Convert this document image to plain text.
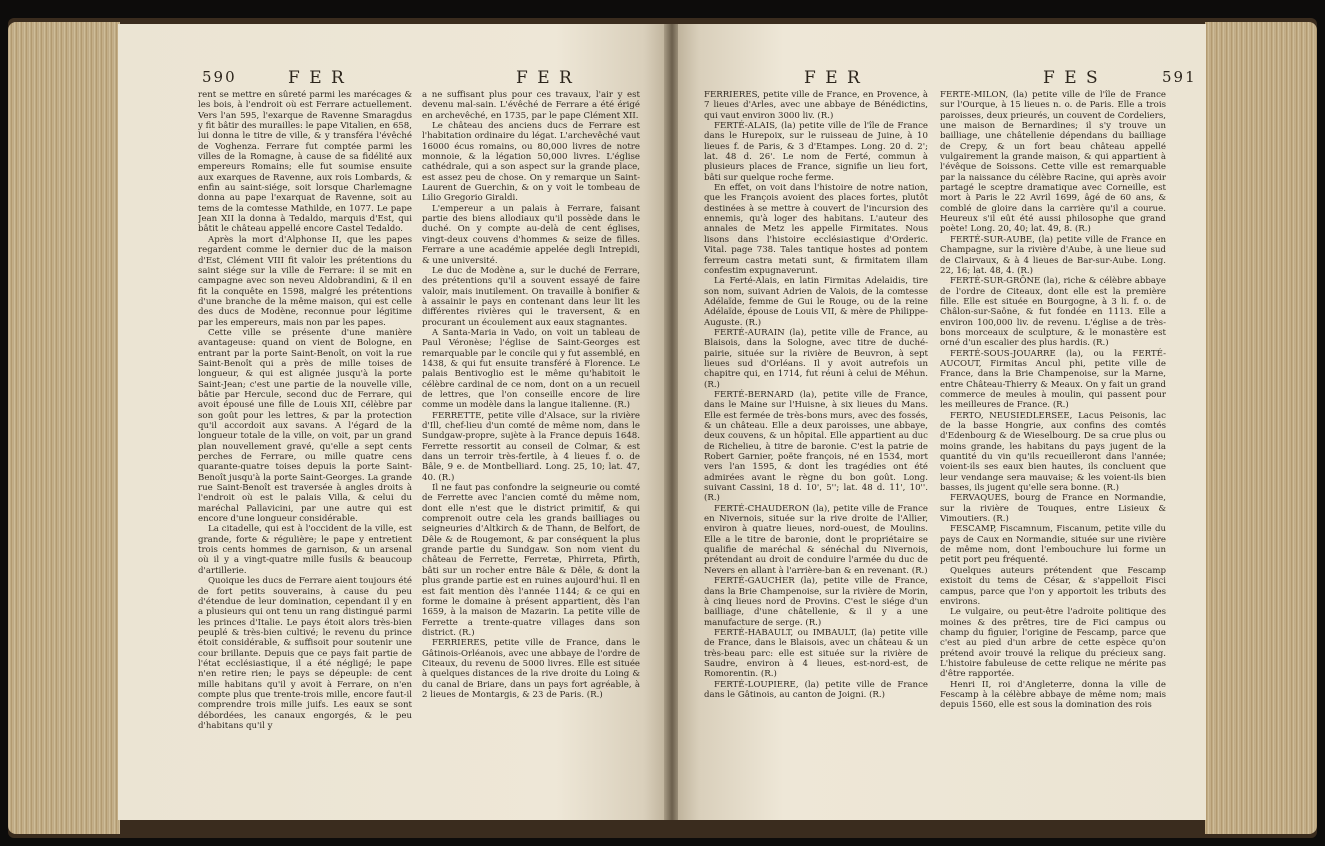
590	F E R	F E R

rent se mettre en sûreté parmi les marécages & les bois, à l'endroit où est Ferrare actuellement. Vers l'an 595, l'exarque de Ravenne Smaragdus y fit bâtir des murailles: le pape Vitalien, en 658, lui donna le titre de ville, & y transféra l'évêché de Voghenza. Ferrare fut comptée parmi les villes de la Romagne, à cause de sa fidélité aux empereurs Romains; elle fut soumise ensuite aux exarques de Ravenne, aux rois Lombards, & enfin au saint-siége, soit lorsque Charlemagne donna au pape l'exarquat de Ravenne, soit au tems de la comtesse Mathilde, en 1077. Le pape Jean XII la donna à Tedaldo, marquis d'Est, qui bâtit le château appellé encore Castel Tedaldo.

Après la mort d'Alphonse II, que les papes regardent comme le dernier duc de la maison d'Est, Clément VIII fit valoir les prétentions du saint siége sur la ville de Ferrare: il se mit en campagne avec son neveu Aldobrandini, & il en fit la conquête en 1598, malgré les prétentions d'une branche de la même maison, qui est celle des ducs de Modène, reconnue pour légitime par les empereurs, mais non par les papes.

Cette ville se présente d'une manière avantageuse: quand on vient de Bologne, en entrant par la porte Saint-Benoît, on voit la rue Saint-Benoît qui a près de mille toises de longueur, & qui est alignée jusqu'à la porte Saint-Jean; c'est une partie de la nouvelle ville, bâtie par Hercule, second duc de Ferrare, qui avoit épousé une fille de Louis XII, célèbre par son goût pour les lettres, & par la protection qu'il accordoit aux savans. A l'égard de la longueur totale de la ville, on voit, par un grand plan nouvellement gravé, qu'elle a sept cents perches de Ferrare, ou mille quatre cens quarante-quatre toises depuis la porte Saint-Benoît jusqu'à la porte Saint-Georges. La grande rue Saint-Benoît est traversée à angles droits à l'endroit où est le palais Villa, & celui du maréchal Pallavicini, par une autre qui est encore d'une longueur considérable.

La citadelle, qui est à l'occident de la ville, est grande, forte & régulière; le pape y entretient trois cents hommes de garnison, & un arsenal où il y a vingt-quatre mille fusils & beaucoup d'artillerie.

Quoique les ducs de Ferrare aient toujours été de fort petits souverains, à cause du peu d'étendue de leur domination, cependant il y en a plusieurs qui ont tenu un rang distingué parmi les princes d'Italie. Le pays étoit alors très-bien peuplé & très-bien cultivé; le revenu du prince étoit considérable, & suffisoit pour soutenir une cour brillante. Depuis que ce pays fait partie de l'état ecclésiastique, il a été négligé; le pape n'en retire rien; le pays se dépeuple: de cent mille habitans qu'il y avoit à Ferrare, on n'en compte plus que trente-trois mille, encore faut-il comprendre trois mille juifs. Les eaux se sont débordées, les canaux engorgés, & le peu d'habitans qu'il y

a ne suffisant plus pour ces travaux, l'air y est devenu mal-sain. L'évêché de Ferrare a été érigé en archevêché, en 1735, par le pape Clément XII.

Le château des anciens ducs de Ferrare est l'habitation ordinaire du légat. L'archevêché vaut 16000 écus romains, ou 80,000 livres de notre monnoie, & la légation 50,000 livres. L'église cathédrale, qui a son aspect sur la grande place, est assez peu de chose. On y remarque un Saint-Laurent de Guerchin, & on y voit le tombeau de Lilio Gregorio Giraldi.

L'empereur a un palais à Ferrare, faisant partie des biens allodiaux qu'il possède dans le duché. On y compte au-delà de cent églises, vingt-deux couvens d'hommes & seize de filles. Ferrare a une académie appelée degli Intrepidi, & une université.

Le duc de Modène a, sur le duché de Ferrare, des prétentions qu'il a souvent essayé de faire valoir, mais inutilement. On travaille à bonifier & à assainir le pays en contenant dans leur lit les différentes rivières qui le traversent, & en procurant un écoulement aux eaux stagnantes.

A Santa-Maria in Vado, on voit un tableau de Paul Véronèse; l'église de Saint-Georges est remarquable par le concile qui y fut assemblé, en 1438, & qui fut ensuite transféré à Florence. Le palais Bentivoglio est le même qu'habitoit le célèbre cardinal de ce nom, dont on a un recueil de lettres, que l'on conseille encore de lire comme un modèle dans la langue italienne. (R.)

FERRETTE, petite ville d'Alsace, sur la rivière d'Ill, chef-lieu d'un comté de même nom, dans le Sundgaw-propre, sujète à la France depuis 1648. Ferrette ressortit au conseil de Colmar, & est dans un terroir très-fertile, à 4 lieues f. o. de Bâle, 9 e. de Montbelliard. Long. 25, 10; lat. 47, 40. (R.)

Il ne faut pas confondre la seigneurie ou comté de Ferrette avec l'ancien comté du même nom, dont elle n'est que le district primitif, & qui comprenoit outre cela les grands bailliages ou seigneuries d'Altkirch & de Thann, de Belfort, de Dêle & de Rougemont, & par conséquent la plus grande partie du Sundgaw. Son nom vient du château de Ferrette, Ferretæ, Phirreta, Pfirth, bâti sur un rocher entre Bâle & Dêle, & dont la plus grande partie est en ruines aujourd'hui. Il en est fait mention dès l'année 1144; & ce qui en forme le domaine à présent appartient, dès l'an 1659, à la maison de Mazarin. La petite ville de Ferrette a trente-quatre villages dans son district. (R.)

FERRIERES, petite ville de France, dans le Gâtinois-Orléanois, avec une abbaye de l'ordre de Citeaux, du revenu de 5000 livres. Elle est située à quelques distances de la rive droite du Loing & du canal de Briare, dans un pays fort agréable, à 2 lieues de Montargis, & 23 de Paris. (R.)

F E R	F E S	591

FERRIERES, petite ville de France, en Provence, à 7 lieues d'Arles, avec une abbaye de Bénédictins, qui vaut environ 3000 liv. (R.)

FERTÉ-ALAIS, (la) petite ville de l'île de France dans le Hurepoix, sur le ruisseau de Juine, à 10 lieues f. de Paris, & 3 d'Etampes. Long. 20 d. 2'; lat. 48 d. 26'. Le nom de Ferté, commun à plusieurs places de France, signifie un lieu fort, bâti sur quelque roche ferme.

En effet, on voit dans l'histoire de notre nation, que les François avoient des places fortes, plutôt destinées à se mettre à couvert de l'incursion des ennemis, qu'à loger des habitans. L'auteur des annales de Metz les appelle Firmitates. Nous lisons dans l'histoire ecclésiastique d'Orderic. Vital. page 738. Tales tantique hostes ad pontem ferreum castra metati sunt, & firmitatem illam confestim expugnaverunt.

La Ferté-Alais, en latin Firmitas Adelaidis, tire son nom, suivant Adrien de Valois, de la comtesse Adélaïde, femme de Gui le Rouge, ou de la reine Adélaïde, épouse de Louis VII, & mère de Philippe-Auguste. (R.)

FERTÉ-AURAIN (la), petite ville de France, au Blaisois, dans la Sologne, avec titre de duché-pairie, située sur la rivière de Beuvron, à sept lieues sud d'Orléans. Il y avoit autrefois un chapitre qui, en 1714, fut réuni à celui de Méhun. (R.)

FERTÉ-BERNARD (la), petite ville de France, dans le Maine sur l'Huisne, à six lieues du Mans. Elle est fermée de très-bons murs, avec des fossés, & un château. Elle a deux paroisses, une abbaye, deux couvens, & un hôpital. Elle appartient au duc de Richelieu, à titre de baronie. C'est la patrie de Robert Garnier, poëte françois, né en 1534, mort vers l'an 1595, & dont les tragédies ont été admirées avant le règne du bon goût. Long. suivant Cassini, 18 d. 10', 5''; lat. 48 d. 11', 10''. (R.)

FERTÉ-CHAUDERON (la), petite ville de France en Nivernois, située sur la rive droite de l'Allier, environ à quatre lieues, nord-ouest, de Moulins. Elle a le titre de baronie, dont le propriétaire se qualifie de maréchal & sénéchal du Nivernois, prétendant au droit de conduire l'armée du duc de Nevers en allant à l'arrière-ban & en revenant. (R.)

FERTÉ-GAUCHER (la), petite ville de France, dans la Brie Champenoise, sur la rivière de Morin, à cinq lieues nord de Provins. C'est le siége d'un bailliage, d'une châtellenie, & il y a une manufacture de serge. (R.)

FERTÉ-HABAULT, ou IMBAULT, (la) petite ville de France, dans le Blaisois, avec un château & un très-beau parc: elle est située sur la rivière de Saudre, environ à 4 lieues, est-nord-est, de Romorentin. (R.)

FERTÉ-LOUPIERE, (la) petite ville de France dans le Gâtinois, au canton de Joigni. (R.)

FERTÉ-MILON, (la) petite ville de l'île de France sur l'Ourque, à 15 lieues n. o. de Paris. Elle a trois paroisses, deux prieurés, un couvent de Cordeliers, une maison de Bernardines; il s'y trouve un bailliage, une châtellenie dépendans du bailliage de Crepy, & un fort beau château appellé vulgairement la grande maison, & qui appartient à l'évêque de Soissons. Cette ville est remarquable par la naissance du célèbre Racine, qui après avoir partagé le sceptre dramatique avec Corneille, est mort à Paris le 22 Avril 1699, âgé de 60 ans, & comblé de gloire dans la carrière qu'il a courue. Heureux s'il eût été aussi philosophe que grand poète! Long. 20, 40; lat. 49, 8. (R.)

FERTÉ-SUR-AUBE, (la) petite ville de France en Champagne, sur la rivière d'Aube, à une lieue sud de Clairvaux, & à 4 lieues de Bar-sur-Aube. Long. 22, 16; lat. 48, 4. (R.)

FERTÉ-SUR-GRÔNE (la), riche & célèbre abbaye de l'ordre de Citeaux, dont elle est la première fille. Elle est située en Bourgogne, à 3 li. f. o. de Châlon-sur-Saône, & fut fondée en 1113. Elle a environ 100,000 liv. de revenu. L'église a de très-bons morceaux de sculpture, & le monastère est orné d'un escalier des plus hardis. (R.)

FERTÉ-SOUS-JOUARRE (la), ou la FERTÉ-AUCOUT, Firmitas Ancul phi, petite ville de France, dans la Brie Champenoise, sur la Marne, entre Château-Thierry & Meaux. On y fait un grand commerce de meules à moulin, qui passent pour les meilleures de France. (R.)

FERTO, NEUSIEDLERSEE, Lacus Peisonis, lac de la basse Hongrie, aux confins des comtés d'Edenbourg & de Wieselbourg. De sa crue plus ou moins grande, les habitans du pays jugent de la quantité du vin qu'ils recueilleront dans l'année; voient-ils ses eaux bien hautes, ils concluent que leur vendange sera mauvaise; & les voient-ils bien basses, ils jugent qu'elle sera bonne. (R.)

FERVAQUES, bourg de France en Normandie, sur la rivière de Touques, entre Lisieux & Vimoutiers. (R.)

FESCAMP, Fiscamnum, Fiscanum, petite ville du pays de Caux en Normandie, située sur une rivière de même nom, dont l'embouchure lui forme un petit port peu fréquenté.

Quelques auteurs prétendent que Fescamp existoit du tems de César, & s'appelloit Fisci campus, parce que l'on y apportoit les tributs des environs.

Le vulgaire, ou peut-être l'adroite politique des moines & des prêtres, tire de Fici campus ou champ du figuier, l'origine de Fescamp, parce que c'est au pied d'un arbre de cette espèce qu'on prétend avoir trouvé la relique du précieux sang. L'histoire fabuleuse de cette relique ne mérite pas d'être rapportée.

Henri II, roi d'Angleterre, donna la ville de Fescamp à la célèbre abbaye de même nom; mais depuis 1560, elle est sous la domination des rois
